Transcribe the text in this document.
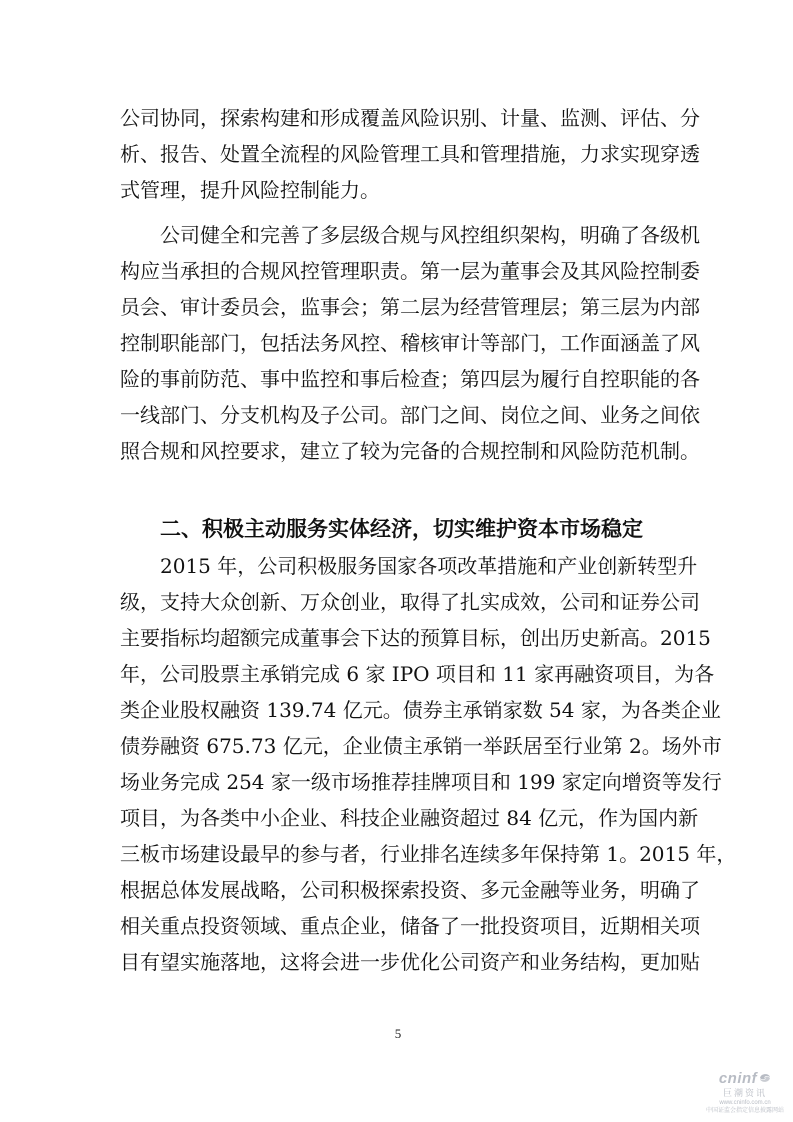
公司协同，探索构建和形成覆盖风险识别、计量、监测、评估、分
析、报告、处置全流程的风险管理工具和管理措施，力求实现穿透
式管理，提升风险控制能力。
公司健全和完善了多层级合规与风控组织架构，明确了各级机
构应当承担的合规风控管理职责。第一层为董事会及其风险控制委
员会、审计委员会，监事会；第二层为经营管理层；第三层为内部
控制职能部门，包括法务风控、稽核审计等部门，工作面涵盖了风
险的事前防范、事中监控和事后检查；第四层为履行自控职能的各
一线部门、分支机构及子公司。部门之间、岗位之间、业务之间依
照合规和风控要求，建立了较为完备的合规控制和风险防范机制。
二、积极主动服务实体经济，切实维护资本市场稳定
2015 年，公司积极服务国家各项改革措施和产业创新转型升
级，支持大众创新、万众创业，取得了扎实成效，公司和证券公司
主要指标均超额完成董事会下达的预算目标，创出历史新高。2015
年，公司股票主承销完成 6 家 IPO 项目和 11 家再融资项目，为各
类企业股权融资 139.74 亿元。债券主承销家数 54 家，为各类企业
债券融资 675.73 亿元，企业债主承销一举跃居至行业第 2。场外市
场业务完成 254 家一级市场推荐挂牌项目和 199 家定向增资等发行
项目，为各类中小企业、科技企业融资超过 84 亿元，作为国内新
三板市场建设最早的参与者，行业排名连续多年保持第 1。2015 年，
根据总体发展战略，公司积极探索投资、多元金融等业务，明确了
相关重点投资领域、重点企业，储备了一批投资项目，近期相关项
目有望实施落地，这将会进一步优化公司资产和业务结构，更加贴
5
cninf
巨潮资讯
www.cninfo.com.cn
中国证监会指定信息披露网站
